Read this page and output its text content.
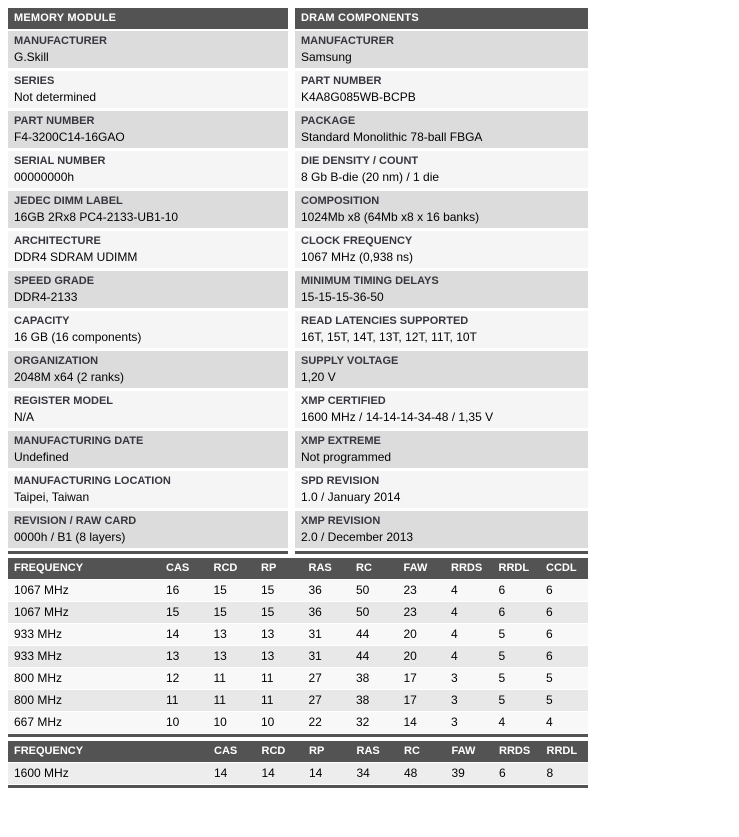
MEMORY MODULE
MANUFACTURER
G.Skill
SERIES
Not determined
PART NUMBER
F4-3200C14-16GAO
SERIAL NUMBER
00000000h
JEDEC DIMM LABEL
16GB 2Rx8 PC4-2133-UB1-10
ARCHITECTURE
DDR4 SDRAM UDIMM
SPEED GRADE
DDR4-2133
CAPACITY
16 GB (16 components)
ORGANIZATION
2048M x64 (2 ranks)
REGISTER MODEL
N/A
MANUFACTURING DATE
Undefined
MANUFACTURING LOCATION
Taipei, Taiwan
REVISION / RAW CARD
0000h / B1 (8 layers)
DRAM COMPONENTS
MANUFACTURER
Samsung
PART NUMBER
K4A8G085WB-BCPB
PACKAGE
Standard Monolithic 78-ball FBGA
DIE DENSITY / COUNT
8 Gb B-die (20 nm) / 1 die
COMPOSITION
1024Mb x8 (64Mb x8 x 16 banks)
CLOCK FREQUENCY
1067 MHz (0,938 ns)
MINIMUM TIMING DELAYS
15-15-15-36-50
READ LATENCIES SUPPORTED
16T, 15T, 14T, 13T, 12T, 11T, 10T
SUPPLY VOLTAGE
1,20 V
XMP CERTIFIED
1600 MHz / 14-14-14-34-48 / 1,35 V
XMP EXTREME
Not programmed
SPD REVISION
1.0 / January 2014
XMP REVISION
2.0 / December 2013
FREQUENCY	CAS	RCD	RP	RAS	RC	FAW	RRDS	RRDL	CCDL
1067 MHz	16	15	15	36	50	23	4	6	6
1067 MHz	15	15	15	36	50	23	4	6	6
933 MHz	14	13	13	31	44	20	4	5	6
933 MHz	13	13	13	31	44	20	4	5	6
800 MHz	12	11	11	27	38	17	3	5	5
800 MHz	11	11	11	27	38	17	3	5	5
667 MHz	10	10	10	22	32	14	3	4	4
FREQUENCY	CAS	RCD	RP	RAS	RC	FAW	RRDS	RRDL
1600 MHz	14	14	14	34	48	39	6	8
